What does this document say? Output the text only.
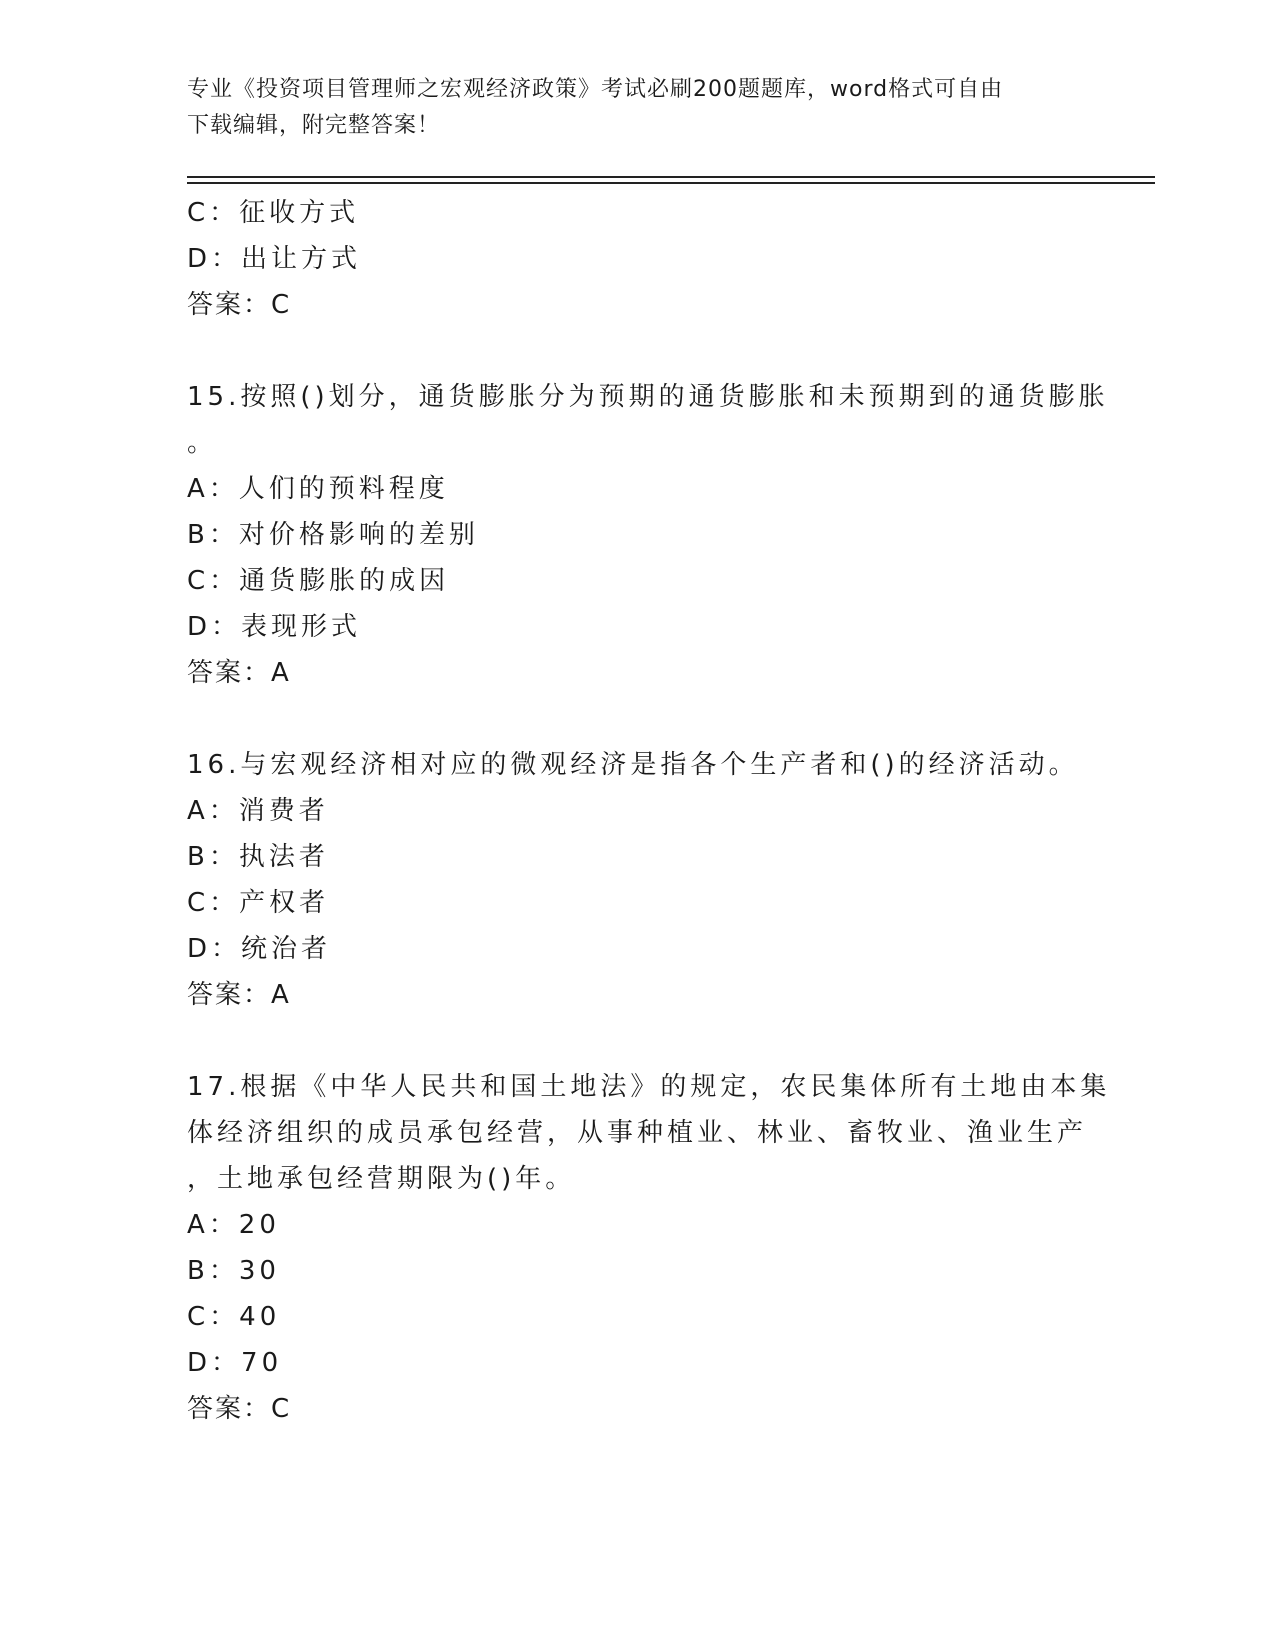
专业《投资项目管理师之宏观经济政策》考试必刷200题题库，word格式可自由
下载编辑，附完整答案！
C：征收方式
D：出让方式
答案：C
15.按照()划分，通货膨胀分为预期的通货膨胀和未预期到的通货膨胀
。
A：人们的预料程度
B：对价格影响的差别
C：通货膨胀的成因
D：表现形式
答案：A
16.与宏观经济相对应的微观经济是指各个生产者和()的经济活动。
A：消费者
B：执法者
C：产权者
D：统治者
答案：A
17.根据《中华人民共和国土地法》的规定，农民集体所有土地由本集
体经济组织的成员承包经营，从事种植业、林业、畜牧业、渔业生产
，土地承包经营期限为()年。
A：20
B：30
C：40
D：70
答案：C
